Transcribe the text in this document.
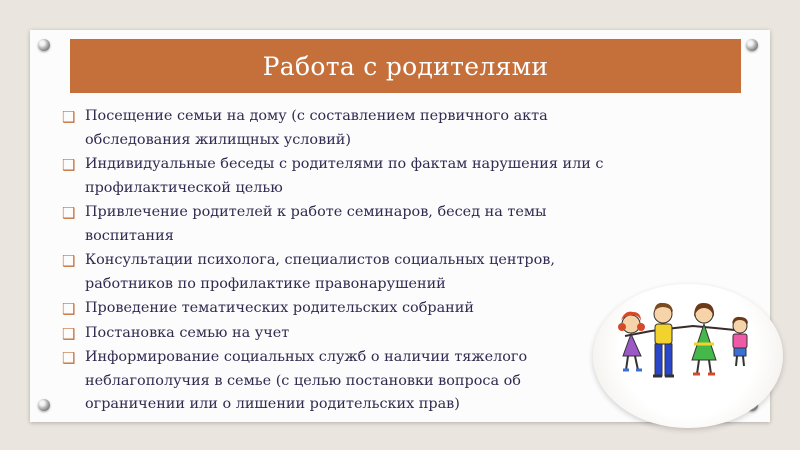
Работа с родителями
❑ Посещение семьи на дому (с составлением первичного акта обследования жилищных условий)
❑ Индивидуальные беседы с родителями по фактам нарушения или с профилактической целью
❑ Привлечение родителей к работе семинаров, бесед на темы воспитания
❑ Консультации психолога, специалистов социальных центров, работников по профилактике правонарушений
❑ Проведение тематических родительских собраний
❑ Постановка семью на учет
❑ Информирование социальных служб о наличии тяжелого неблагополучия в семье (с целью постановки вопроса об ограничении или о лишении родительских прав)
